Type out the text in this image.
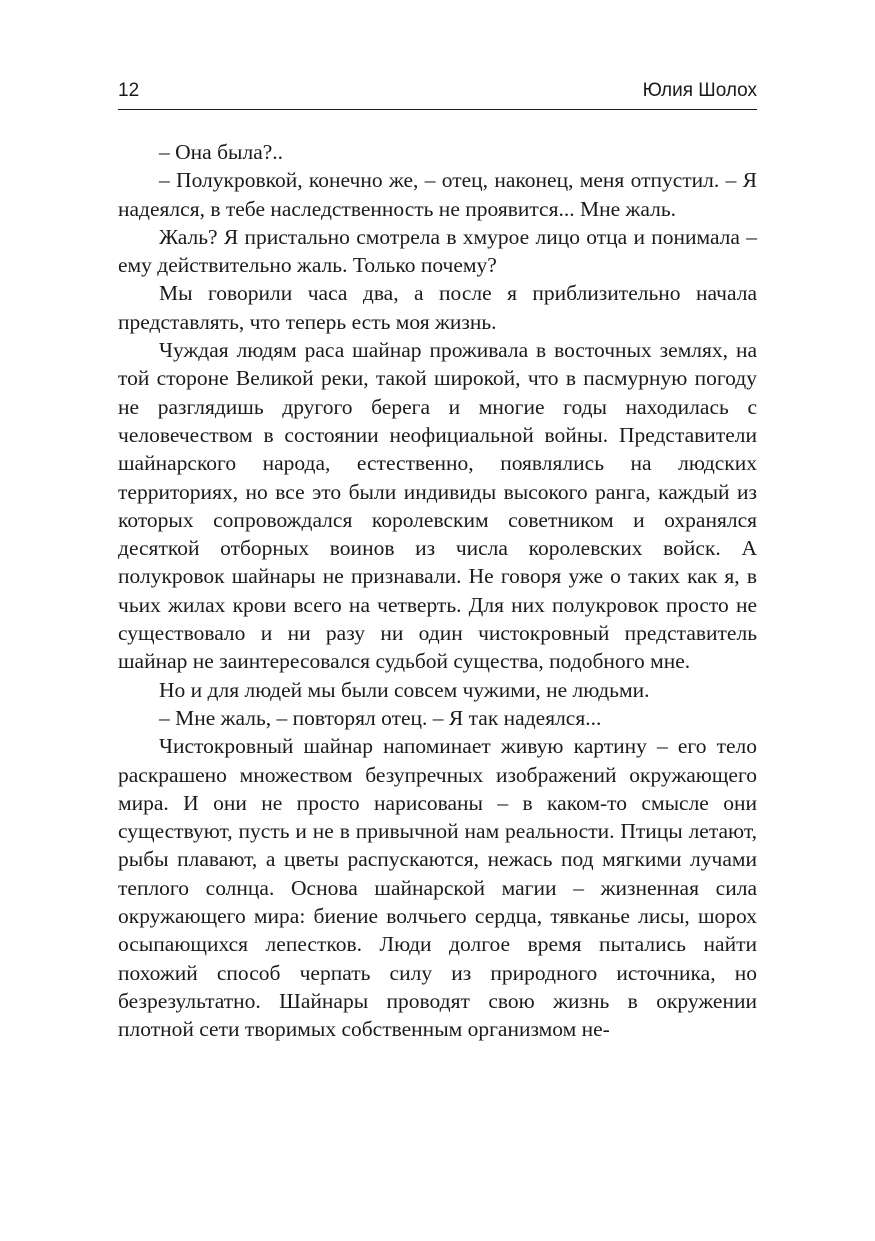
12	Юлия Шолох

– Она была?..

– Полукровкой, конечно же, – отец, наконец, меня отпустил. – Я надеялся, в тебе наследственность не проявится... Мне жаль.

Жаль? Я пристально смотрела в хмурое лицо отца и понимала – ему действительно жаль. Только почему?

Мы говорили часа два, а после я приблизительно начала представлять, что теперь есть моя жизнь.

Чуждая людям раса шайнар проживала в восточных землях, на той стороне Великой реки, такой широкой, что в пасмурную погоду не разглядишь другого берега и многие годы находилась с человечеством в состоянии неофициальной войны. Представители шайнарского народа, естественно, появлялись на людских территориях, но все это были индивиды высокого ранга, каждый из которых сопровождался королевским советником и охранялся десяткой отборных воинов из числа королевских войск. А полукровок шайнары не признавали. Не говоря уже о таких как я, в чьих жилах крови всего на четверть. Для них полукровок просто не существовало и ни разу ни один чистокровный представитель шайнар не заинтересовался судьбой существа, подобного мне.

Но и для людей мы были совсем чужими, не людьми.

– Мне жаль, – повторял отец. – Я так надеялся...

Чистокровный шайнар напоминает живую картину – его тело раскрашено множеством безупречных изображений окружающего мира. И они не просто нарисованы – в каком-то смысле они существуют, пусть и не в привычной нам реальности. Птицы летают, рыбы плавают, а цветы распускаются, нежась под мягкими лучами теплого солнца. Основа шайнарской магии – жизненная сила окружающего мира: биение волчьего сердца, тявканье лисы, шорох осыпающихся лепестков. Люди долгое время пытались найти похожий способ черпать силу из природного источника, но безрезультатно. Шайнары проводят свою жизнь в окружении плотной сети творимых собственным организмом не-
